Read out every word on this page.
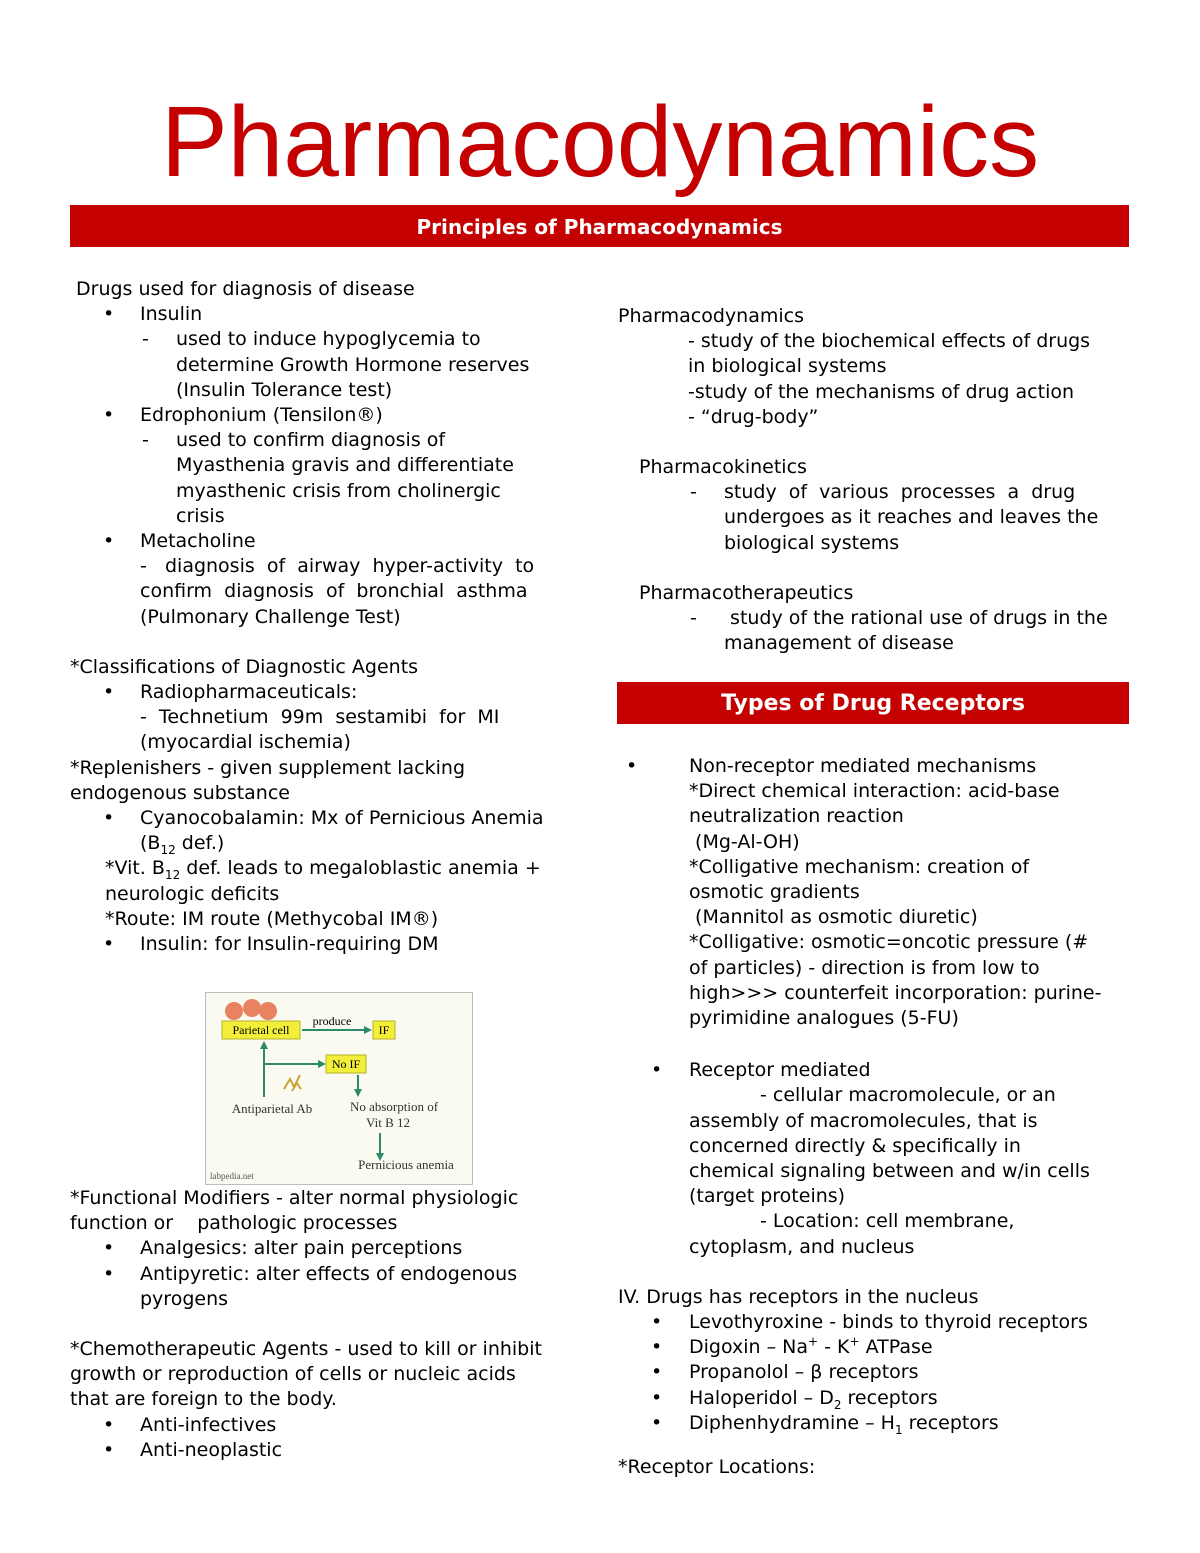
Pharmacodynamics
Principles of Pharmacodynamics
Drugs used for diagnosis of disease
• Insulin
- used to induce hypoglycemia to
determine Growth Hormone reserves
(Insulin Tolerance test)
• Edrophonium (Tensilon®)
- used to confirm diagnosis of
Myasthenia gravis and differentiate
myasthenic crisis from cholinergic
crisis
• Metacholine
-   diagnosis  of  airway  hyper-activity  to
confirm  diagnosis  of  bronchial  asthma
(Pulmonary Challenge Test)
*Classifications of Diagnostic Agents
• Radiopharmaceuticals:
-  Technetium  99m  sestamibi  for  MI
(myocardial ischemia)
*Replenishers - given supplement lacking
endogenous substance
• Cyanocobalamin: Mx of Pernicious Anemia
($B_{12}$ def.)
*Vit. $B_{12}$ def. leads to megaloblastic anemia +
neurologic deficits
*Route: IM route (Methycobal IM®)
• Insulin: for Insulin-requiring DM
Parietal cell
produce
IF
No IF
Antiparietal Ab	No absorption of
Vit B 12
Pernicious anemia
labpedia.net
*Functional Modifiers - alter normal physiologic
function or    pathologic processes
• Analgesics: alter pain perceptions
• Antipyretic: alter effects of endogenous
pyrogens
*Chemotherapeutic Agents - used to kill or inhibit
growth or reproduction of cells or nucleic acids
that are foreign to the body.
• Anti-infectives
• Anti-neoplastic
Pharmacodynamics
- study of the biochemical effects of drugs
in biological systems
-study of the mechanisms of drug action
- “drug-body”
Pharmacokinetics
- study  of  various  processes  a  drug
undergoes as it reaches and leaves the
biological systems
Pharmacotherapeutics
-  study of the rational use of drugs in the
management of disease
Types of Drug Receptors
• Non-receptor mediated mechanisms
*Direct chemical interaction: acid-base
neutralization reaction
(Mg-Al-OH)
*Colligative mechanism: creation of
osmotic gradients
(Mannitol as osmotic diuretic)
*Colligative: osmotic=oncotic pressure (#
of particles) - direction is from low to
high>>> counterfeit incorporation: purine-
pyrimidine analogues (5-FU)
• Receptor mediated
- cellular macromolecule, or an
assembly of macromolecules, that is
concerned directly & specifically in
chemical signaling between and w/in cells
(target proteins)
- Location: cell membrane,
cytoplasm, and nucleus
IV. Drugs has receptors in the nucleus
• Levothyroxine - binds to thyroid receptors
• Digoxin – Na+ - K+ ATPase
• Propanolol – β receptors
• Haloperidol – $D_2$ receptors
• Diphenhydramine – $H_1$ receptors
*Receptor Locations:
